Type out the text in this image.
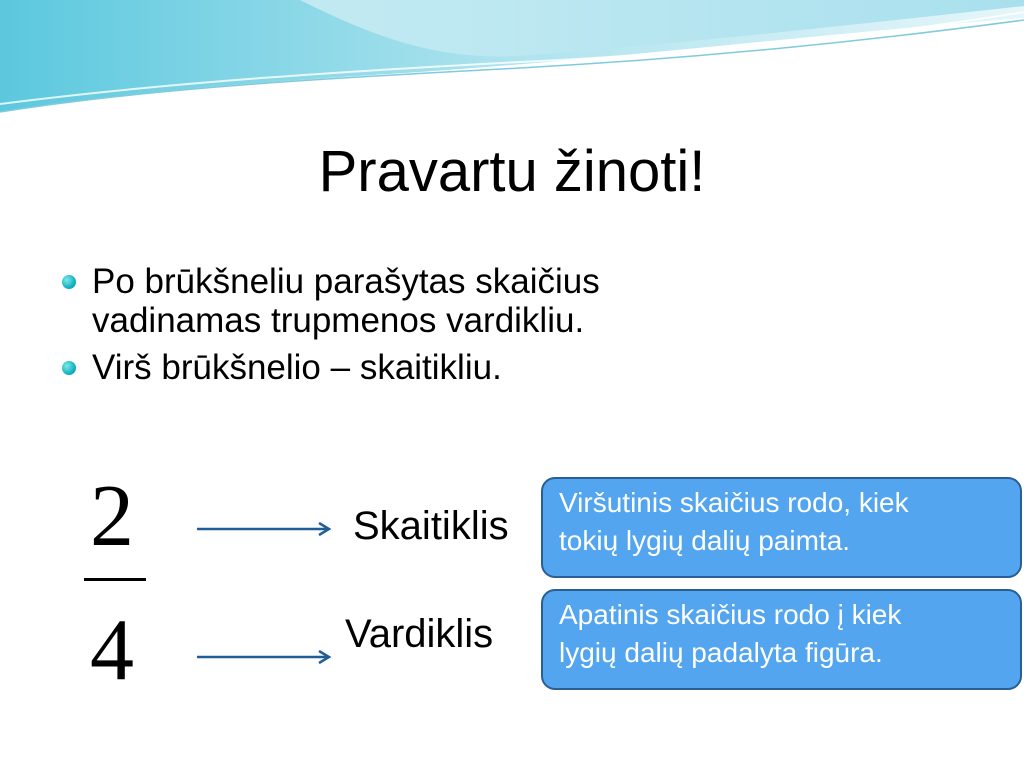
Pravartu žinoti!
Po brūkšneliu parašytas skaičius
vadinamas trupmenos vardikliu.
Virš brūkšnelio – skaitikliu.
2
4
Skaitiklis
Vardiklis
Viršutinis skaičius rodo, kiek
tokių lygių dalių paimta.
Apatinis skaičius rodo į kiek
lygių dalių padalyta figūra.
